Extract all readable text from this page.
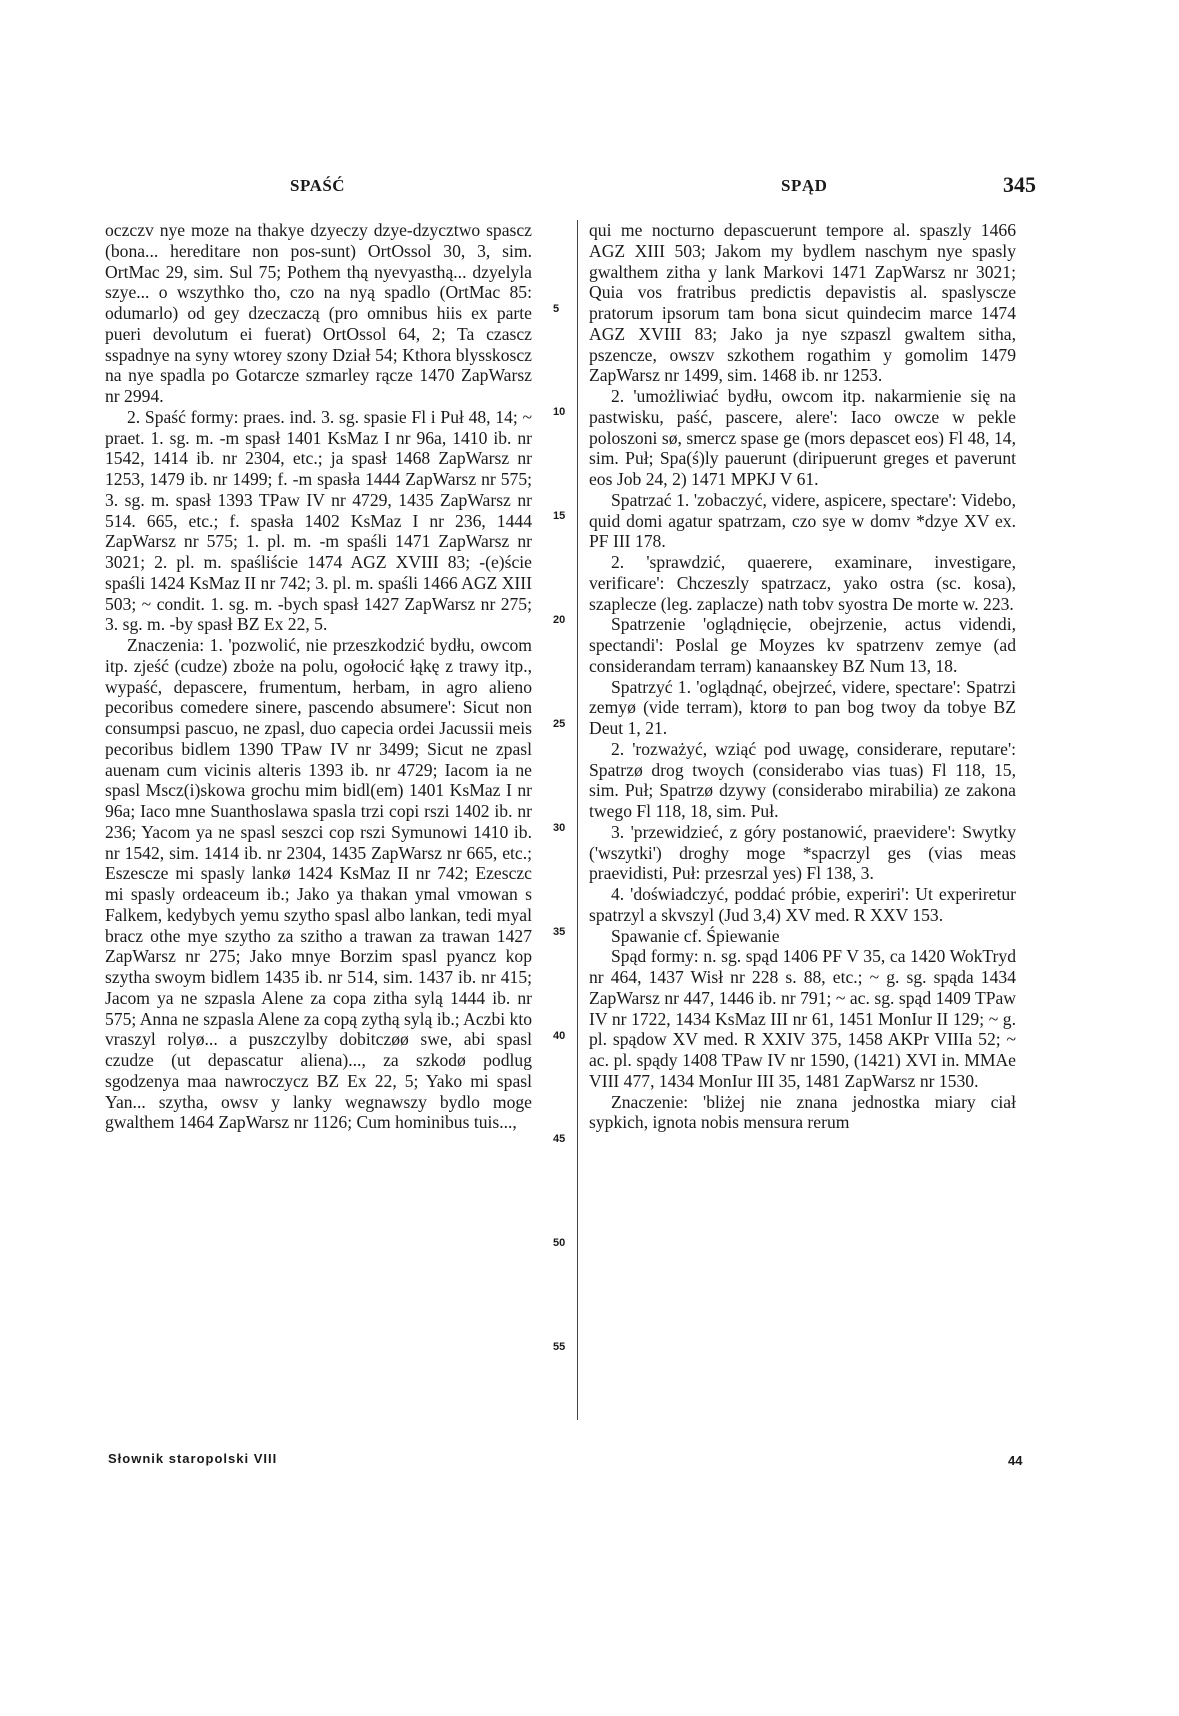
SPAŚĆ	SPĄD	345

oczczv nye moze na thakye dzyeczy dzye-dzycztwo spascz (bona... hereditare non pos-sunt) OrtOssol 30, 3, sim. OrtMac 29, sim. Sul 75; Pothem thą nyevyasthą... dzyelyla szye... o wszythko tho, czo na nyą spadlo (OrtMac 85: odumarlo) od gey dzeczaczą (pro omnibus hiis ex parte pueri devolutum ei fuerat) OrtOssol 64, 2; Ta czascz sspadnye na syny wtorey szony Dział 54; Kthora blysskoscz na nye spadla po Gotarcze szmarley rącze 1470 ZapWarsz nr 2994.

2. Spaść formy: praes. ind. 3. sg. spasie Fl i Puł 48, 14; ~ praet. 1. sg. m. -m spasł 1401 KsMaz I nr 96a, 1410 ib. nr 1542, 1414 ib. nr 2304, etc.; ja spasł 1468 ZapWarsz nr 1253, 1479 ib. nr 1499; f. -m spasła 1444 ZapWarsz nr 575; 3. sg. m. spasł 1393 TPaw IV nr 4729, 1435 ZapWarsz nr 514. 665, etc.; f. spasła 1402 KsMaz I nr 236, 1444 ZapWarsz nr 575; 1. pl. m. -m spaśli 1471 ZapWarsz nr 3021; 2. pl. m. spaśliście 1474 AGZ XVIII 83; -(e)ście spaśli 1424 KsMaz II nr 742; 3. pl. m. spaśli 1466 AGZ XIII 503; ~ condit. 1. sg. m. -bych spasł 1427 ZapWarsz nr 275; 3. sg. m. -by spasł BZ Ex 22, 5.

Znaczenia: 1. 'pozwolić, nie przeszkodzić bydłu, owcom itp. zjeść (cudze) zboże na polu, ogołocić łąkę z trawy itp., wypaść, depascere, frumentum, herbam, in agro alieno pecoribus comedere sinere, pascendo absumere': Sicut non consumpsi pascuo, ne zpasl, duo capecia ordei Jacussii meis pecoribus bidlem 1390 TPaw IV nr 3499; Sicut ne zpasl auenam cum vicinis alteris 1393 ib. nr 4729; Iacom ia ne spasl Mscz(i)skowa grochu mim bidl(em) 1401 KsMaz I nr 96a; Iaco mne Suanthoslawa spasla trzi copi rszi 1402 ib. nr 236; Yacom ya ne spasl seszci cop rszi Symunowi 1410 ib. nr 1542, sim. 1414 ib. nr 2304, 1435 ZapWarsz nr 665, etc.; Eszescze mi spasly lankø 1424 KsMaz II nr 742; Ezesczc mi spasly ordeaceum ib.; Jako ya thakan ymal vmowan s Falkem, kedybych yemu szytho spasl albo lankan, tedi myal bracz othe mye szytho za szitho a trawan za trawan 1427 ZapWarsz nr 275; Jako mnye Borzim spasl pyancz kop szytha swoym bidlem 1435 ib. nr 514, sim. 1437 ib. nr 415; Jacom ya ne szpasla Alene za copa zitha sylą 1444 ib. nr 575; Anna ne szpasla Alene za copą zythą sylą ib.; Aczbi kto vraszyl rolyø... a puszczylby dobitczøø swe, abi spasl czudze (ut depascatur aliena)..., za szkodø podlug sgodzenya maa nawroczycz BZ Ex 22, 5; Yako mi spasl Yan... szytha, owsv y lanky wegnawszy bydlo moge gwalthem 1464 ZapWarsz nr 1126; Cum hominibus tuis...,

5
10
15
20
25
30
35
40
45
50
55

qui me nocturno depascuerunt tempore al. spaszly 1466 AGZ XIII 503; Jakom my bydlem naschym nye spasly gwalthem zitha y lank Markovi 1471 ZapWarsz nr 3021; Quia vos fratribus predictis depavistis al. spaslyscze pratorum ipsorum tam bona sicut quindecim marce 1474 AGZ XVIII 83; Jako ja nye szpaszl gwaltem sitha, pszencze, owszv szkothem rogathim y gomolim 1479 ZapWarsz nr 1499, sim. 1468 ib. nr 1253.

2. 'umożliwiać bydłu, owcom itp. nakarmienie się na pastwisku, paść, pascere, alere': Iaco owcze w pekle poloszoni sø, smercz spase ge (mors depascet eos) Fl 48, 14, sim. Puł; Spa(ś)ly pauerunt (diripuerunt greges et paverunt eos Job 24, 2) 1471 MPKJ V 61.

Spatrzać 1. 'zobaczyć, videre, aspicere, spectare': Videbo, quid domi agatur spatrzam, czo sye w domv *dzye XV ex. PF III 178.

2. 'sprawdzić, quaerere, examinare, investigare, verificare': Chczeszly spatrzacz, yako ostra (sc. kosa), szaplecze (leg. zaplacze) nath tobv syostra De morte w. 223.

Spatrzenie 'oglądnięcie, obejrzenie, actus videndi, spectandi': Poslal ge Moyzes kv spatrzenv zemye (ad considerandam terram) kanaanskey BZ Num 13, 18.

Spatrzyć 1. 'oglądnąć, obejrzeć, videre, spectare': Spatrzi zemyø (vide terram), ktorø to pan bog twoy da tobye BZ Deut 1, 21.

2. 'rozważyć, wziąć pod uwagę, considerare, reputare': Spatrzø drog twoych (considerabo vias tuas) Fl 118, 15, sim. Puł; Spatrzø dzywy (considerabo mirabilia) ze zakona twego Fl 118, 18, sim. Puł.

3. 'przewidzieć, z góry postanowić, praevidere': Swytky ('wszytki') droghy moge *spacrzyl ges (vias meas praevidisti, Puł: przesrzal yes) Fl 138, 3.

4. 'doświadczyć, poddać próbie, experiri': Ut experiretur spatrzyl a skvszyl (Jud 3,4) XV med. R XXV 153.

Spawanie cf. Śpiewanie

Spąd formy: n. sg. spąd 1406 PF V 35, ca 1420 WokTryd nr 464, 1437 Wisł nr 228 s. 88, etc.; ~ g. sg. spąda 1434 ZapWarsz nr 447, 1446 ib. nr 791; ~ ac. sg. spąd 1409 TPaw IV nr 1722, 1434 KsMaz III nr 61, 1451 MonIur II 129; ~ g. pl. spądow XV med. R XXIV 375, 1458 AKPr VIIIa 52; ~ ac. pl. spądy 1408 TPaw IV nr 1590, (1421) XVI in. MMAe VIII 477, 1434 MonIur III 35, 1481 ZapWarsz nr 1530.

Znaczenie: 'bliżej nie znana jednostka miary ciał sypkich, ignota nobis mensura rerum

Słownik staropolski VIII	44
